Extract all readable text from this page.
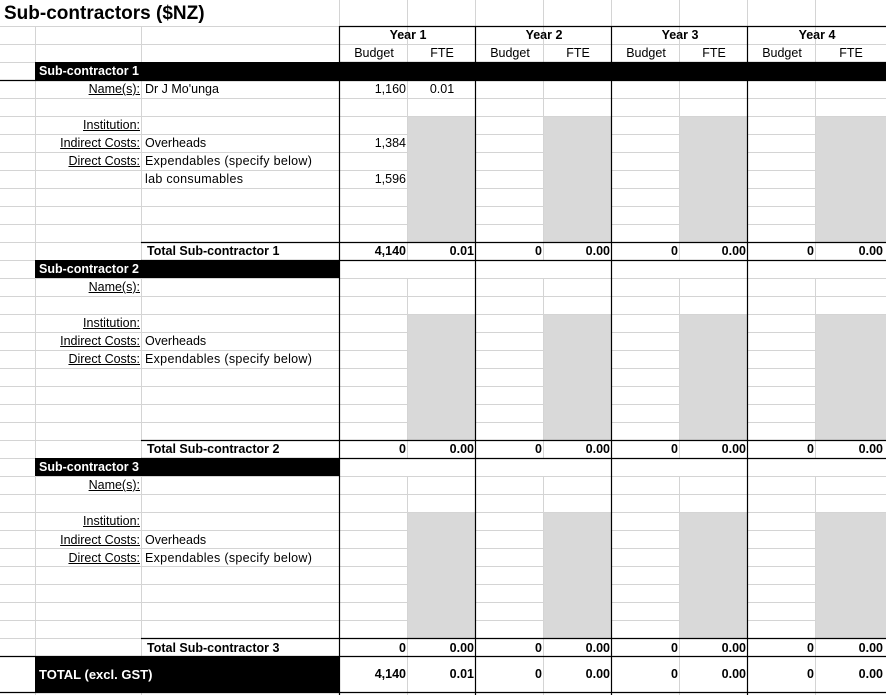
Sub-contractors ($NZ)
Year 1	Year 2	Year 3	Year 4
Budget	FTE	Budget	FTE	Budget	FTE	Budget	FTE
Sub-contractor 1
Name(s): Dr J Mo'unga	1,160	0.01
Institution:
Indirect Costs: Overheads	1,384
Direct Costs: Expendables (specify below)
lab consumables	1,596
Total Sub-contractor 1	4,140	0.01	0	0.00	0	0.00	0	0.00
Sub-contractor 2
Name(s):
Institution:
Indirect Costs: Overheads
Direct Costs: Expendables (specify below)
Total Sub-contractor 2	0	0.00	0	0.00	0	0.00	0	0.00
Sub-contractor 3
Name(s):
Institution:
Indirect Costs: Overheads
Direct Costs: Expendables (specify below)
Total Sub-contractor 3	0	0.00	0	0.00	0	0.00	0	0.00
TOTAL (excl. GST)	4,140	0.01	0	0.00	0	0.00	0	0.00
